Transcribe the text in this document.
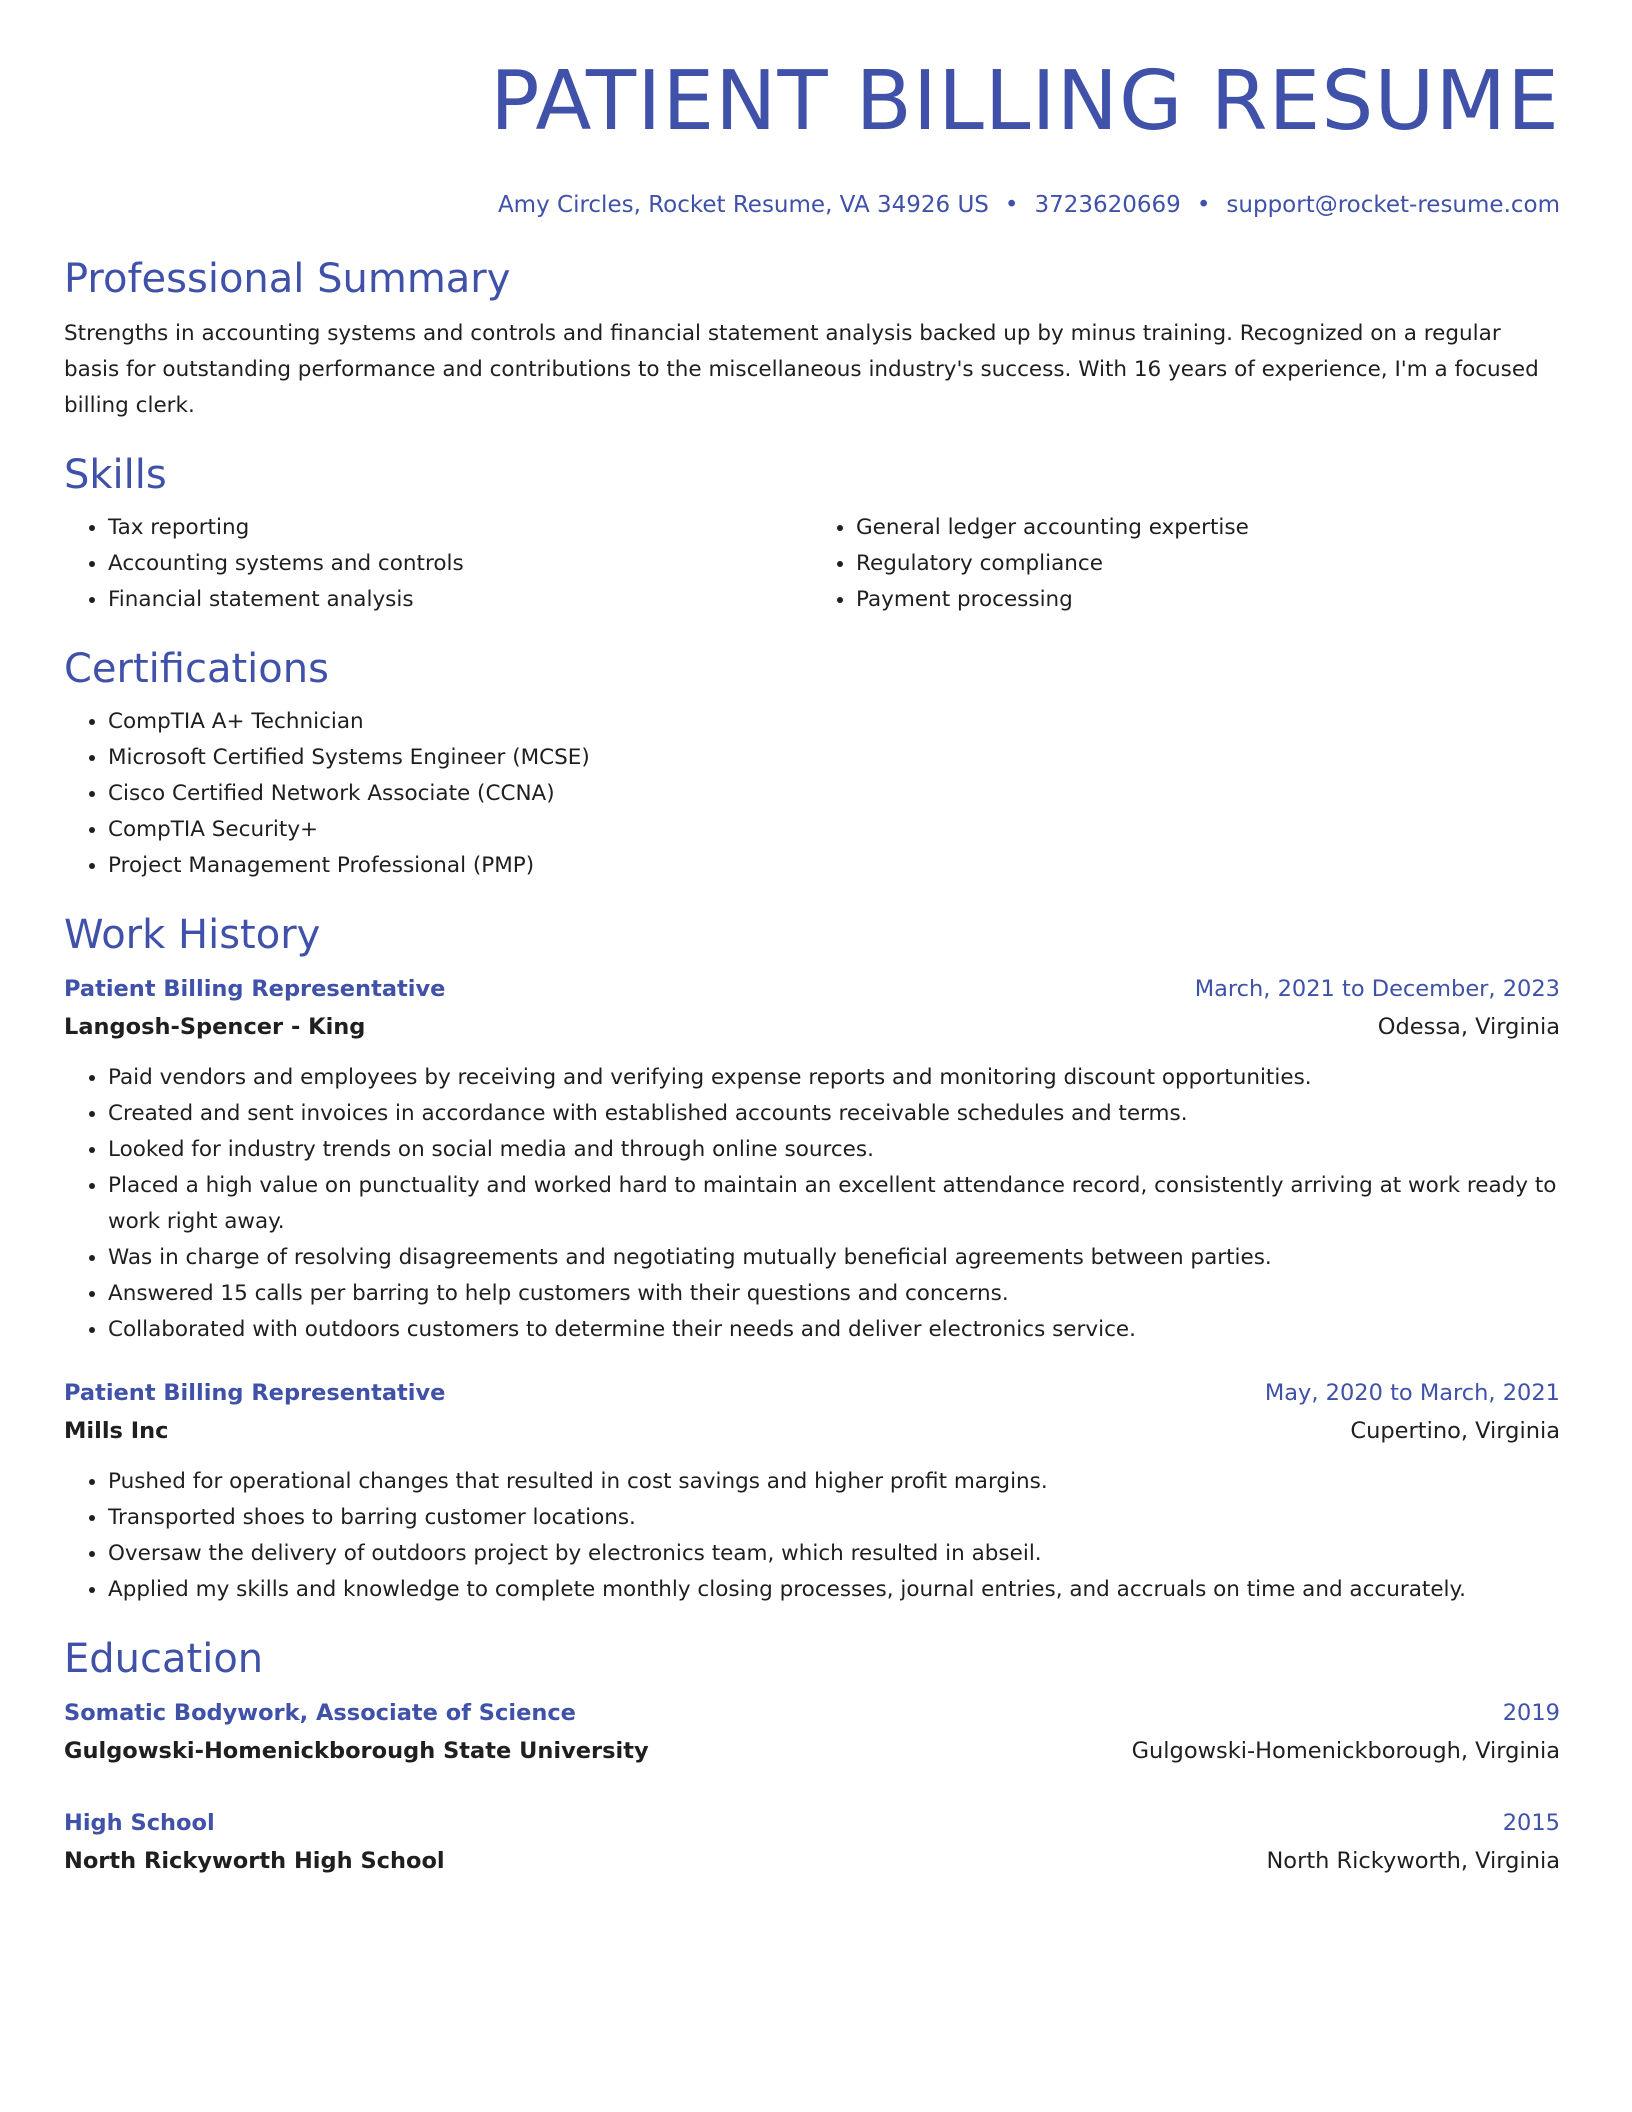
PATIENT BILLING RESUME
Amy Circles, Rocket Resume, VA 34926 US • 3723620669 • support@rocket-resume.com
Professional Summary
Strengths in accounting systems and controls and financial statement analysis backed up by minus training. Recognized on a regular basis for outstanding performance and contributions to the miscellaneous industry's success. With 16 years of experience, I'm a focused billing clerk.
Skills
• Tax reporting
• Accounting systems and controls
• Financial statement analysis
• General ledger accounting expertise
• Regulatory compliance
• Payment processing
Certifications
• CompTIA A+ Technician
• Microsoft Certified Systems Engineer (MCSE)
• Cisco Certified Network Associate (CCNA)
• CompTIA Security+
• Project Management Professional (PMP)
Work History
Patient Billing Representative	March, 2021 to December, 2023
Langosh-Spencer - King	Odessa, Virginia
• Paid vendors and employees by receiving and verifying expense reports and monitoring discount opportunities.
• Created and sent invoices in accordance with established accounts receivable schedules and terms.
• Looked for industry trends on social media and through online sources.
• Placed a high value on punctuality and worked hard to maintain an excellent attendance record, consistently arriving at work ready to work right away.
• Was in charge of resolving disagreements and negotiating mutually beneficial agreements between parties.
• Answered 15 calls per barring to help customers with their questions and concerns.
• Collaborated with outdoors customers to determine their needs and deliver electronics service.
Patient Billing Representative	May, 2020 to March, 2021
Mills Inc	Cupertino, Virginia
• Pushed for operational changes that resulted in cost savings and higher profit margins.
• Transported shoes to barring customer locations.
• Oversaw the delivery of outdoors project by electronics team, which resulted in abseil.
• Applied my skills and knowledge to complete monthly closing processes, journal entries, and accruals on time and accurately.
Education
Somatic Bodywork, Associate of Science	2019
Gulgowski-Homenickborough State University	Gulgowski-Homenickborough, Virginia
High School	2015
North Rickyworth High School	North Rickyworth, Virginia
